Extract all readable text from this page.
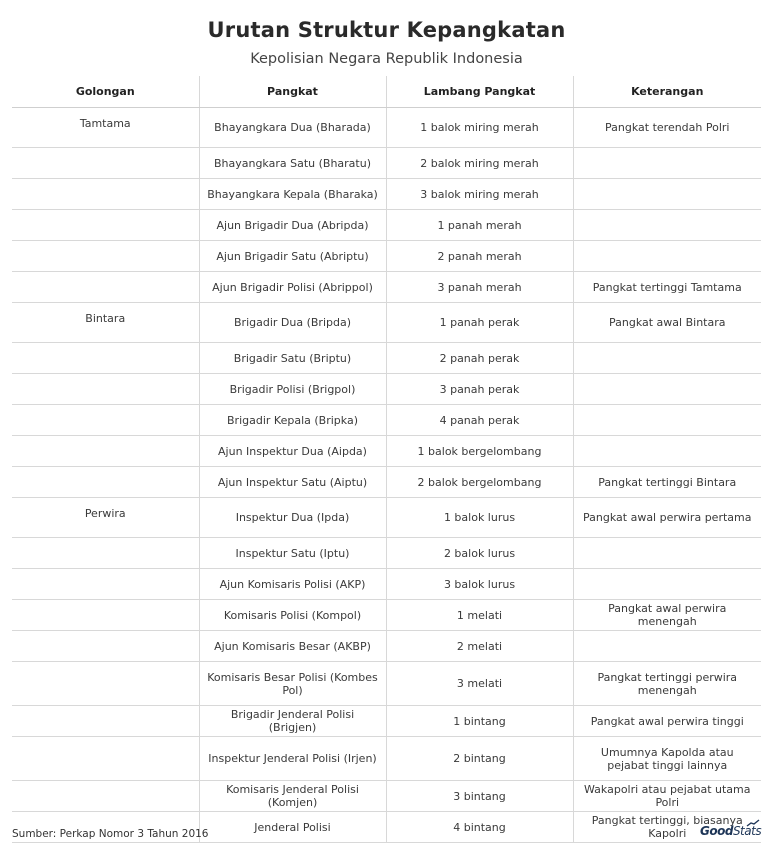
Urutan Struktur Kepangkatan
Kepolisian Negara Republik Indonesia
Golongan	Pangkat	Lambang Pangkat	Keterangan
Tamtama	Bhayangkara Dua (Bharada)	1 balok miring merah	Pangkat terendah Polri
	Bhayangkara Satu (Bharatu)	2 balok miring merah	
	Bhayangkara Kepala (Bharaka)	3 balok miring merah	
	Ajun Brigadir Dua (Abripda)	1 panah merah	
	Ajun Brigadir Satu (Abriptu)	2 panah merah	
	Ajun Brigadir Polisi (Abrippol)	3 panah merah	Pangkat tertinggi Tamtama
Bintara	Brigadir Dua (Bripda)	1 panah perak	Pangkat awal Bintara
	Brigadir Satu (Briptu)	2 panah perak	
	Brigadir Polisi (Brigpol)	3 panah perak	
	Brigadir Kepala (Bripka)	4 panah perak	
	Ajun Inspektur Dua (Aipda)	1 balok bergelombang	
	Ajun Inspektur Satu (Aiptu)	2 balok bergelombang	Pangkat tertinggi Bintara
Perwira	Inspektur Dua (Ipda)	1 balok lurus	Pangkat awal perwira pertama
	Inspektur Satu (Iptu)	2 balok lurus	
	Ajun Komisaris Polisi (AKP)	3 balok lurus	
	Komisaris Polisi (Kompol)	1 melati	Pangkat awal perwira menengah
	Ajun Komisaris Besar (AKBP)	2 melati	
	Komisaris Besar Polisi (Kombes Pol)	3 melati	Pangkat tertinggi perwira menengah
	Brigadir Jenderal Polisi (Brigjen)	1 bintang	Pangkat awal perwira tinggi
	Inspektur Jenderal Polisi (Irjen)	2 bintang	Umumnya Kapolda atau pejabat tinggi lainnya
	Komisaris Jenderal Polisi (Komjen)	3 bintang	Wakapolri atau pejabat utama Polri
	Jenderal Polisi	4 bintang	Pangkat tertinggi, biasanya Kapolri
Sumber: Perkap Nomor 3 Tahun 2016	GoodStats
